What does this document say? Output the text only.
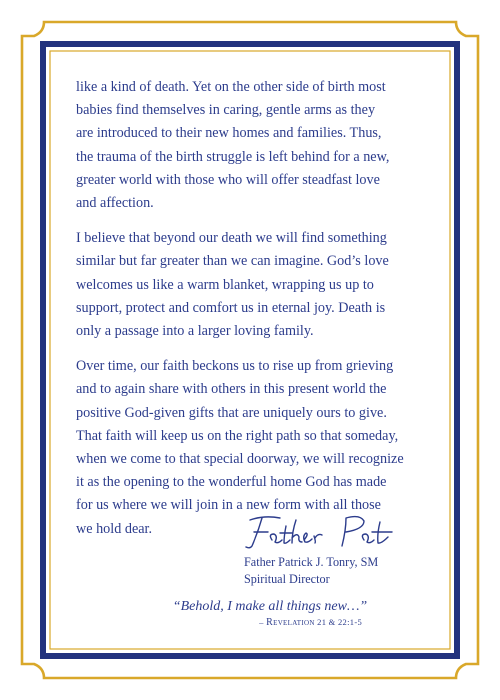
like a kind of death. Yet on the other side of birth most
babies find themselves in caring, gentle arms as they
are introduced to their new homes and families. Thus,
the trauma of the birth struggle is left behind for a new,
greater world with those who will offer steadfast love
and affection.

I believe that beyond our death we will find something
similar but far greater than we can imagine. God’s love
welcomes us like a warm blanket, wrapping us up to
support, protect and comfort us in eternal joy. Death is
only a passage into a larger loving family.

Over time, our faith beckons us to rise up from grieving
and to again share with others in this present world the
positive God-given gifts that are uniquely ours to give.
That faith will keep us on the right path so that someday,
when we come to that special doorway, we will recognize
it as the opening to the wonderful home God has made
for us where we will join in a new form with all those
we hold dear.

Father Patrick J. Tonry, SM
Spiritual Director
“Behold, I make all things new…”
– Revelation 21 & 22:1-5
